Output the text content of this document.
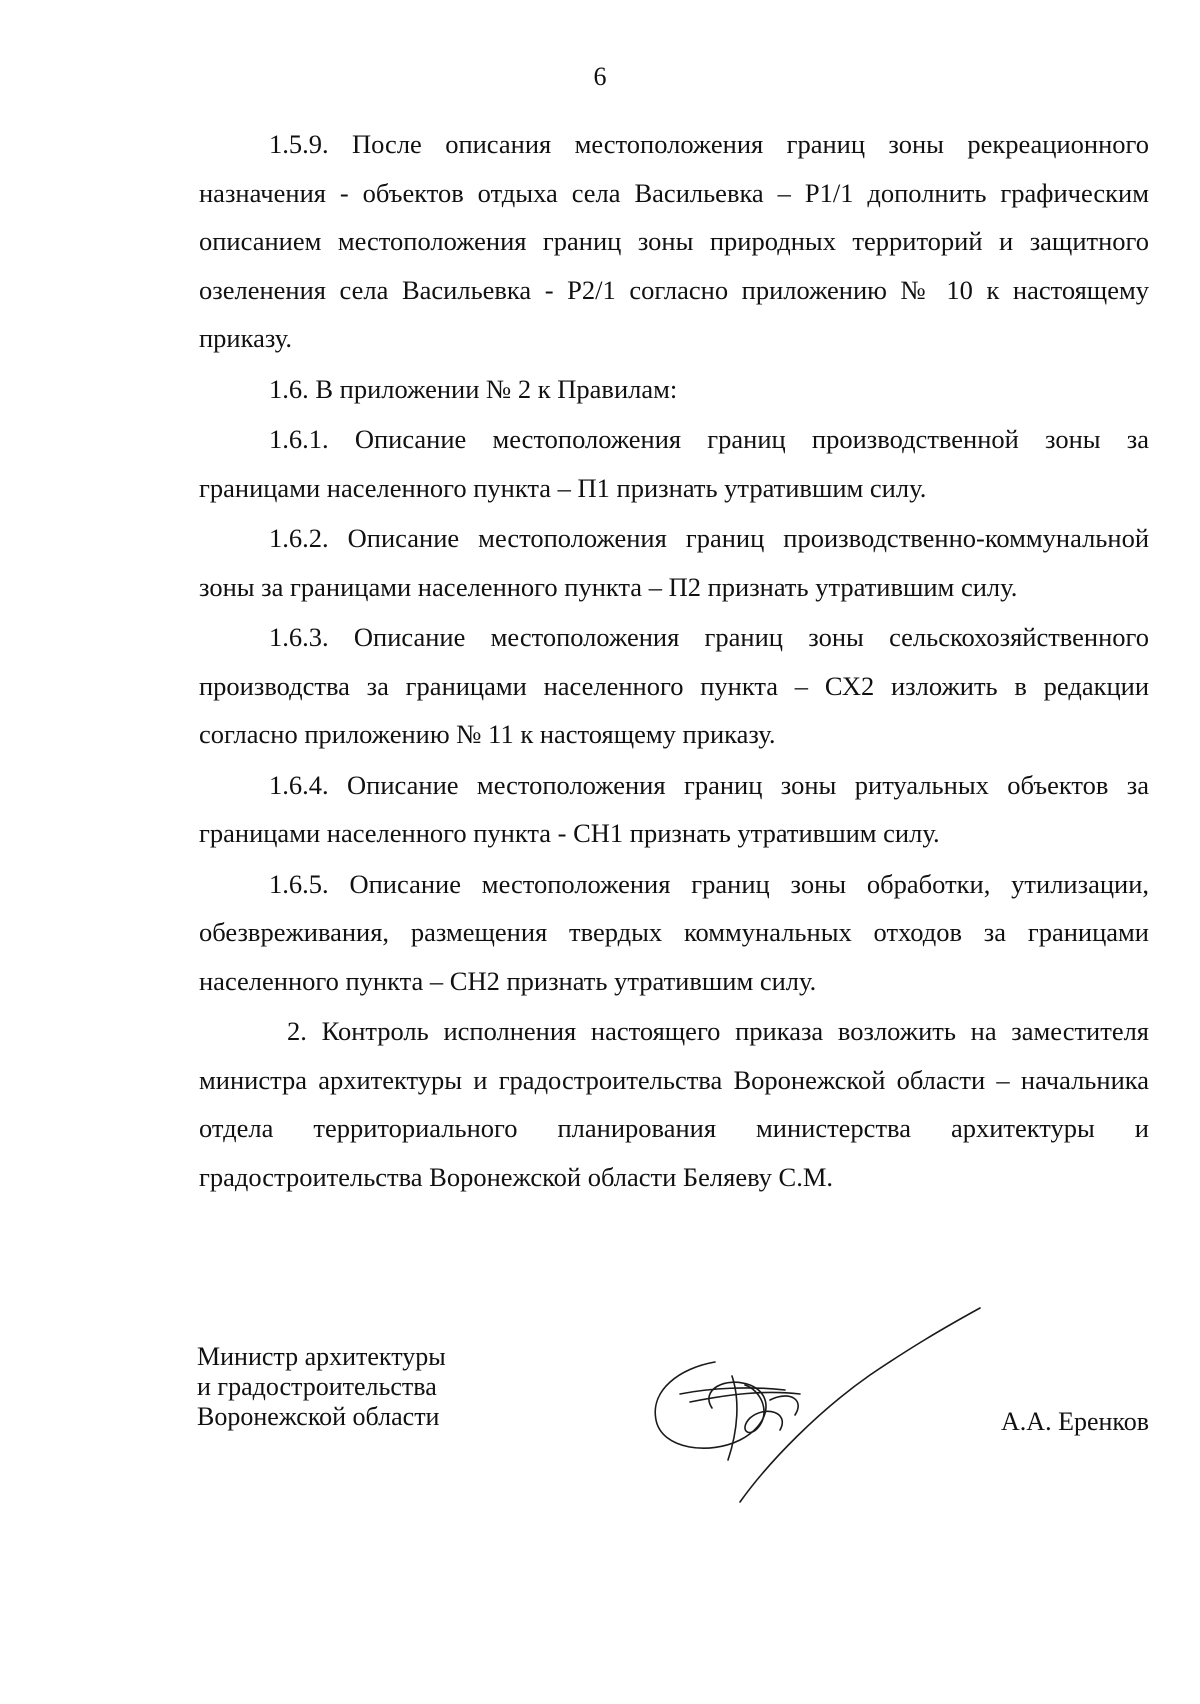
6

1.5.9. После описания местоположения границ зоны рекреационного назначения - объектов отдыха села Васильевка – Р1/1 дополнить графическим описанием местоположения границ зоны природных территорий и защитного озеленения села Васильевка - Р2/1 согласно приложению № 10 к настоящему приказу.

1.6. В приложении № 2 к Правилам:

1.6.1. Описание местоположения границ производственной зоны за границами населенного пункта – П1 признать утратившим силу.

1.6.2. Описание местоположения границ производственно-коммунальной зоны за границами населенного пункта – П2 признать утратившим силу.

1.6.3. Описание местоположения границ зоны сельскохозяйственного производства за границами населенного пункта – СХ2 изложить в редакции согласно приложению № 11 к настоящему приказу.

1.6.4. Описание местоположения границ зоны ритуальных объектов за границами населенного пункта - СН1 признать утратившим силу.

1.6.5. Описание местоположения границ зоны обработки, утилизации, обезвреживания, размещения твердых коммунальных отходов за границами населенного пункта – СН2 признать утратившим силу.

2. Контроль исполнения настоящего приказа возложить на заместителя министра архитектуры и градостроительства Воронежской области – начальника отдела территориального планирования министерства архитектуры и градостроительства Воронежской области Беляеву С.М.

Министр архитектуры
и градостроительства
Воронежской области	А.А. Еренков
